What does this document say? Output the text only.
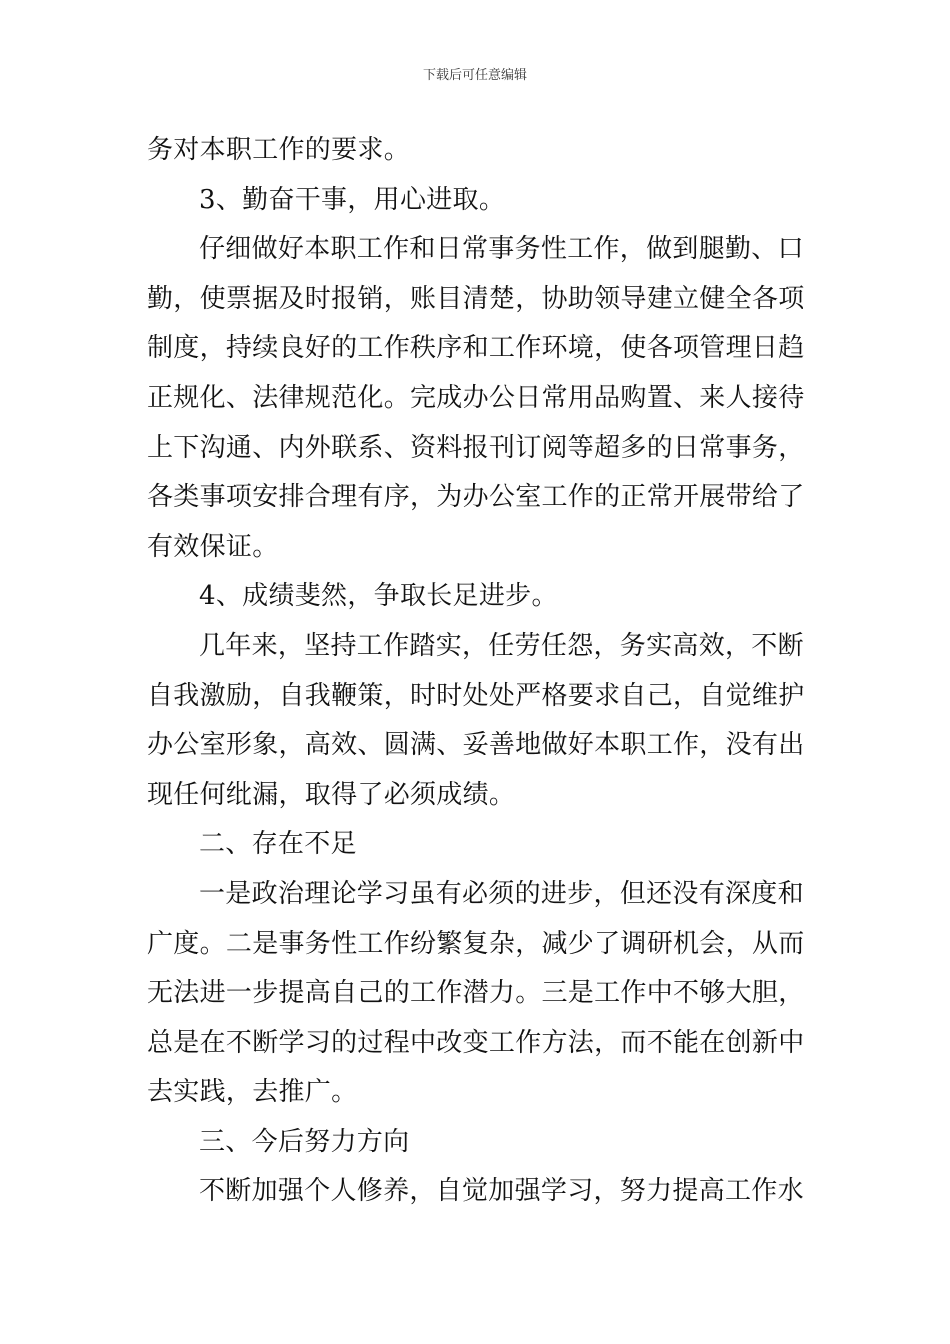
下载后可任意编辑
务对本职工作的要求。
3、勤奋干事，用心进取。
仔细做好本职工作和日常事务性工作，做到腿勤、口
勤，使票据及时报销，账目清楚，协助领导建立健全各项
制度，持续良好的工作秩序和工作环境，使各项管理日趋
正规化、法律规范化。完成办公日常用品购置、来人接待
上下沟通、内外联系、资料报刊订阅等超多的日常事务，
各类事项安排合理有序，为办公室工作的正常开展带给了
有效保证。
4、成绩斐然，争取长足进步。
几年来，坚持工作踏实，任劳任怨，务实高效，不断
自我激励，自我鞭策，时时处处严格要求自己，自觉维护
办公室形象，高效、圆满、妥善地做好本职工作，没有出
现任何纰漏，取得了必须成绩。
二、存在不足
一是政治理论学习虽有必须的进步，但还没有深度和
广度。二是事务性工作纷繁复杂，减少了调研机会，从而
无法进一步提高自己的工作潜力。三是工作中不够大胆，
总是在不断学习的过程中改变工作方法，而不能在创新中
去实践，去推广。
三、今后努力方向
不断加强个人修养，自觉加强学习，努力提高工作水
